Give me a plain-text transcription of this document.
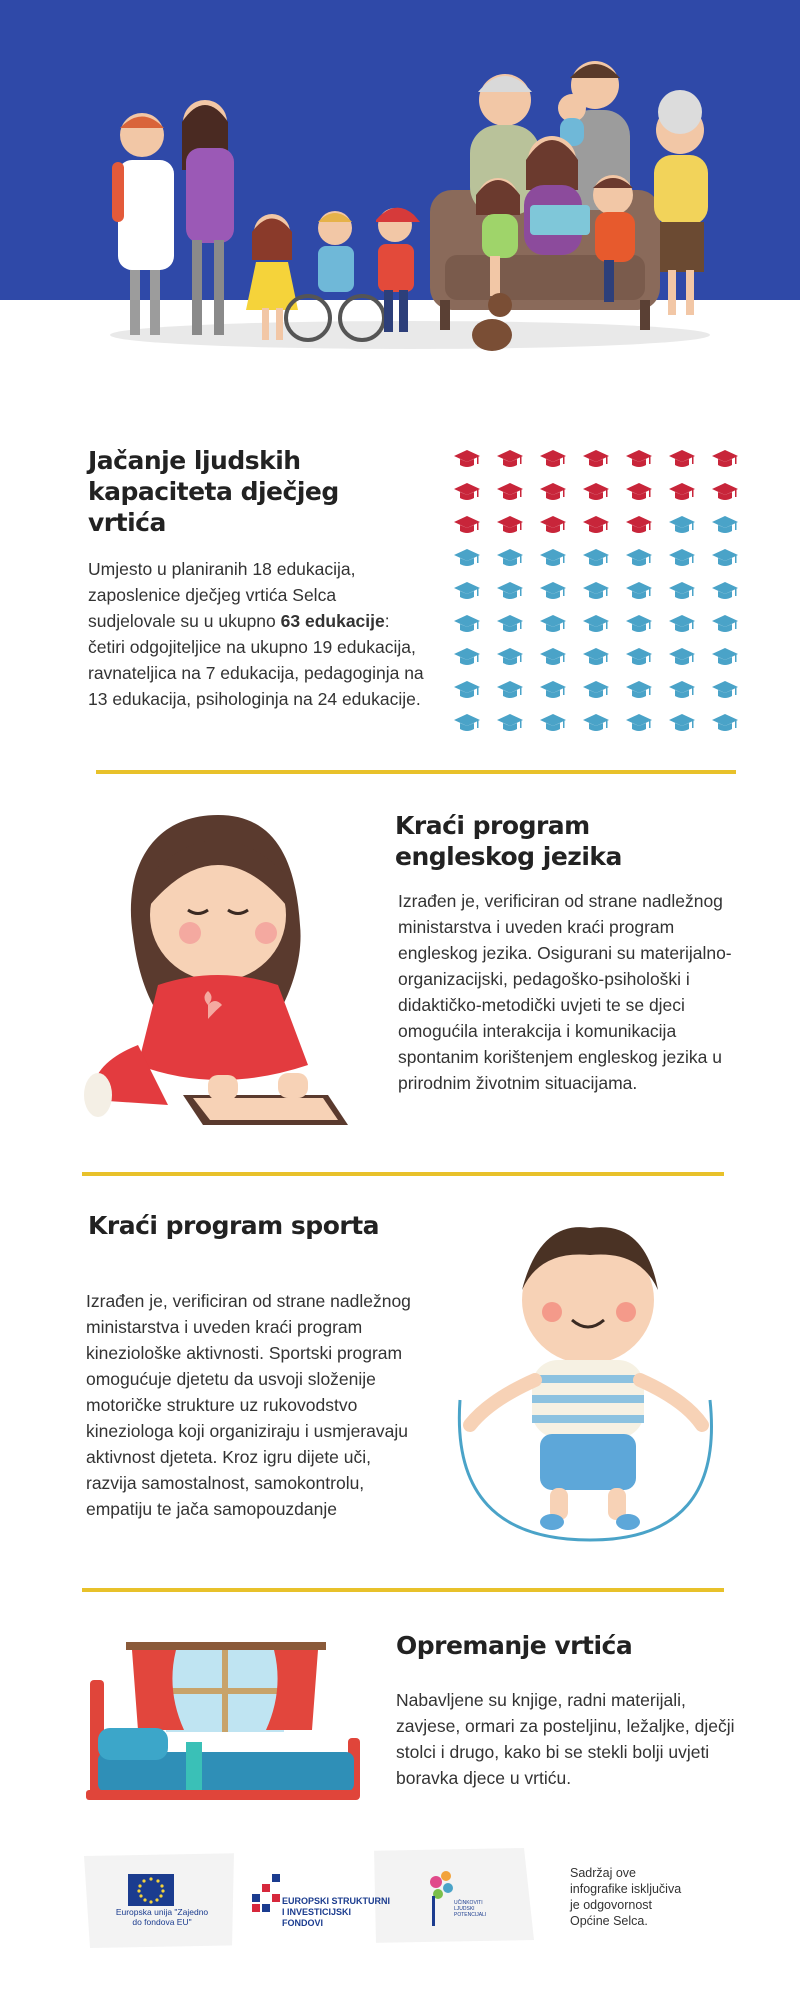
Jačanje ljudskih kapaciteta dječjeg vrtića

Umjesto u planiranih 18 edukacija, zaposlenice dječjeg vrtića Selca sudjelovale su u ukupno 63 edukacije: četiri odgojiteljice na ukupno 19 edukacija, ravnateljica na 7 edukacija, pedagoginja na 13 edukacija, psihologinja na 24 edukacije.

Kraći program engleskog jezika

Izrađen je, verificiran od strane nadležnog ministarstva i uveden kraći program engleskog jezika. Osigurani su materijalno-organizacijski, pedagoško-psihološki i didaktičko-metodički uvjeti te se djeci omogućila interakcija i komunikacija spontanim korištenjem engleskog jezika u prirodnim životnim situacijama.

Kraći program sporta

Izrađen je, verificiran od strane nadležnog ministarstva i uveden kraći program kineziološke aktivnosti. Sportski program omogućuje djetetu da usvoji složenije motoričke strukture uz rukovodstvo kineziologa koji organiziraju i usmjeravaju aktivnost djeteta. Kroz igru dijete uči, razvija samostalnost, samokontrolu, empatiju te jača samopouzdanje

Opremanje vrtića

Nabavljene su knjige, radni materijali, zavjese, ormari za posteljinu, ležaljke, dječji stolci i drugo, kako bi se stekli bolji uvjeti boravka djece u vrtiću.

Europska unija "Zajedno do fondova EU"
EUROPSKI STRUKTURNI I INVESTICIJSKI FONDOVI
UČINKOVITI LJUDSKI POTENCIJALI
Sadržaj ove infografike isključiva je odgovornost Općine Selca.
